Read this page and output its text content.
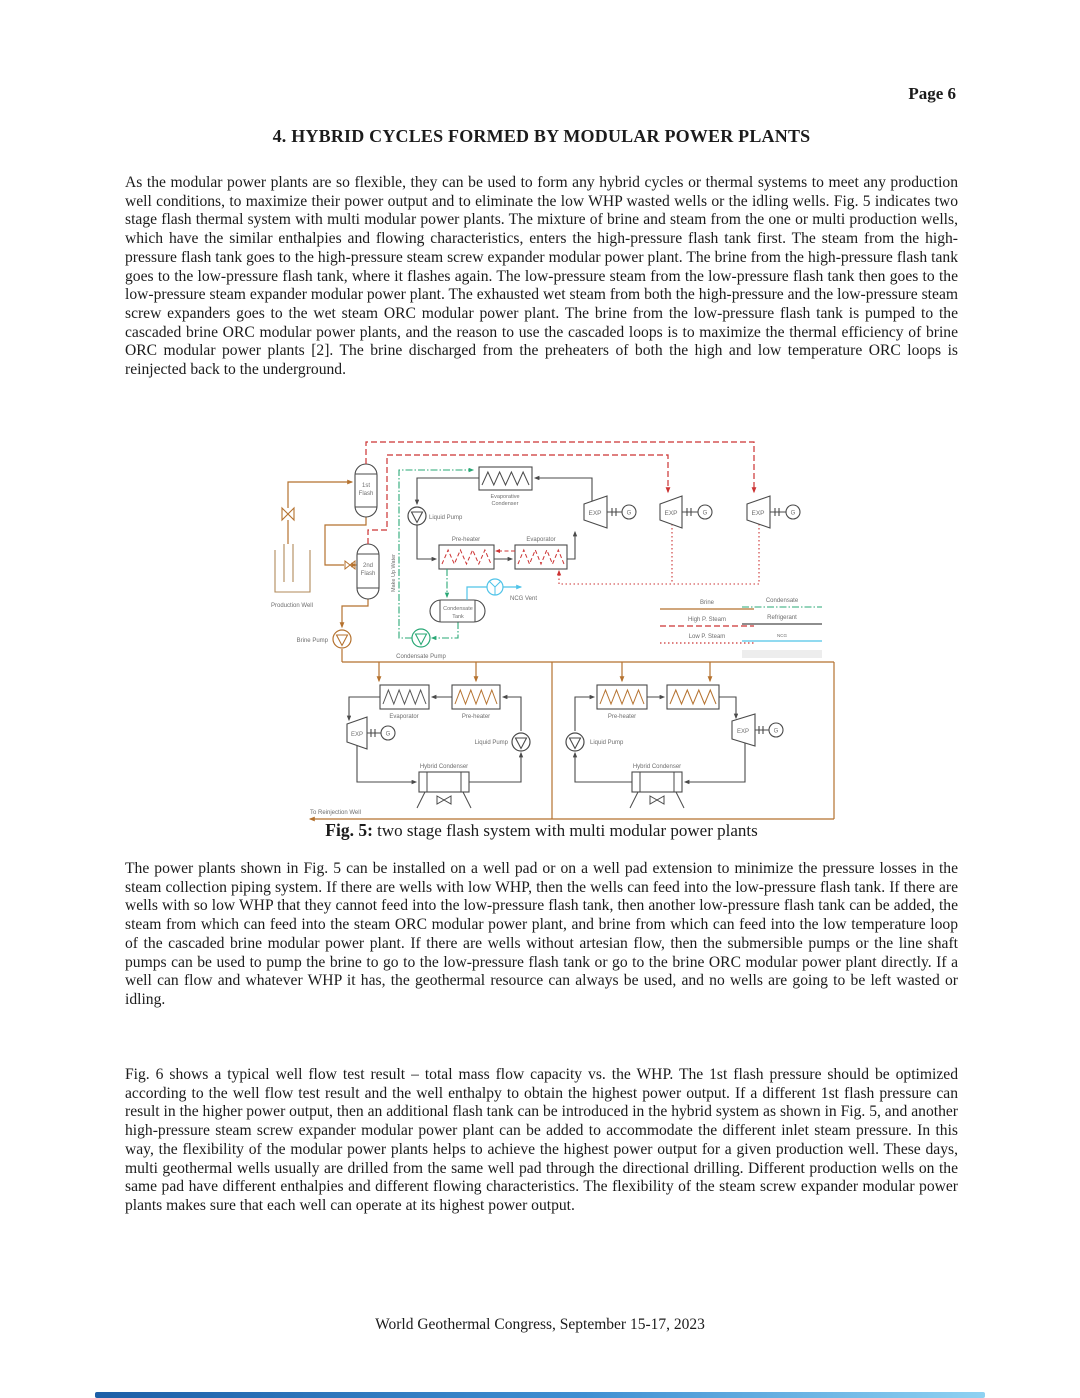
Page 6
4. HYBRID CYCLES FORMED BY MODULAR POWER PLANTS
As the modular power plants are so flexible, they can be used to form any hybrid cycles or thermal systems to meet any production well conditions, to maximize their power output and to eliminate the low WHP wasted wells or the idling wells. Fig. 5 indicates two stage flash thermal system with multi modular power plants. The mixture of brine and steam from the one or multi production wells, which have the similar enthalpies and flowing characteristics, enters the high-pressure flash tank first. The steam from the high-pressure flash tank goes to the high-pressure steam screw expander modular power plant. The brine from the high-pressure flash tank goes to the low-pressure flash tank, where it flashes again. The low-pressure steam from the low-pressure flash tank then goes to the low-pressure steam expander modular power plant. The exhausted wet steam from both the high-pressure and the low-pressure steam screw expanders goes to the wet steam ORC modular power plant. The brine from the low-pressure flash tank is pumped to the cascaded brine ORC modular power plants, and the reason to use the cascaded loops is to maximize the thermal efficiency of brine ORC modular power plants [2]. The brine discharged from the preheaters of both the high and low temperature ORC loops is reinjected back to the underground.
Production Well
1st
Flash
2nd
Flash
Brine Pump
Evaporative
Condenser
Liquid Pump
Pre-heater	Evaporator
EXP	G	EXP	G	EXP	G
Make Up Water
Condensate
Tank
Condensate Pump
NCG Vent
Brine
High P. Steam
Low P. Steam
Condensate
Refrigerant
NCG
Evaporator	Pre-heater
EXP	G
Liquid Pump
Hybrid Condenser
Pre-heater
EXP	G
Liquid Pump
Hybrid Condenser
To Reinjection Well
Fig. 5: two stage flash system with multi modular power plants
The power plants shown in Fig. 5 can be installed on a well pad or on a well pad extension to minimize the pressure losses in the steam collection piping system. If there are wells with low WHP, then the wells can feed into the low-pressure flash tank. If there are wells with so low WHP that they cannot feed into the low-pressure flash tank, then another low-pressure flash tank can be added, the steam from which can feed into the steam ORC modular power plant, and brine from which can feed into the low temperature loop of the cascaded brine modular power plant. If there are wells without artesian flow, then the submersible pumps or the line shaft pumps can be used to pump the brine to go to the low-pressure flash tank or go to the brine ORC modular power plant directly. If a well can flow and whatever WHP it has, the geothermal resource can always be used, and no wells are going to be left wasted or idling.
Fig. 6 shows a typical well flow test result – total mass flow capacity vs. the WHP. The 1st flash pressure should be optimized according to the well flow test result and the well enthalpy to obtain the highest power output. If a different 1st flash pressure can result in the higher power output, then an additional flash tank can be introduced in the hybrid system as shown in Fig. 5, and another high-pressure steam screw expander modular power plant can be added to accommodate the different inlet steam pressure. In this way, the flexibility of the modular power plants helps to achieve the highest power output for a given production well. These days, multi geothermal wells usually are drilled from the same well pad through the directional drilling. Different production wells on the same pad have different enthalpies and different flowing characteristics. The flexibility of the steam screw expander modular power plants makes sure that each well can operate at its highest power output.
World Geothermal Congress, September 15-17, 2023
